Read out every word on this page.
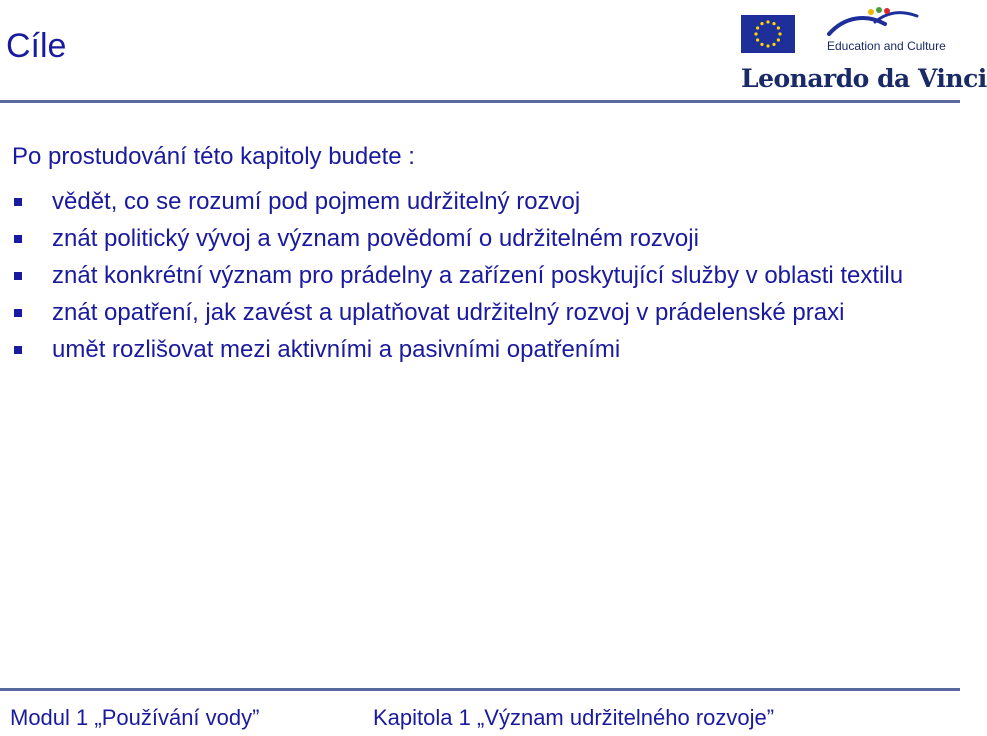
Cíle	Education and Culture
Leonardo da Vinci
Po prostudování této kapitoly budete :
vědět, co se rozumí pod pojmem udržitelný rozvoj
znát politický vývoj a význam povědomí o udržitelném rozvoji
znát konkrétní význam pro prádelny a zařízení poskytující služby v oblasti textilu
znát opatření, jak zavést a uplatňovat udržitelný rozvoj v prádelenské praxi
umět rozlišovat mezi aktivními a pasivními opatřeními
Modul 1 „Používání vody”	Kapitola 1 „Význam udržitelného rozvoje”
